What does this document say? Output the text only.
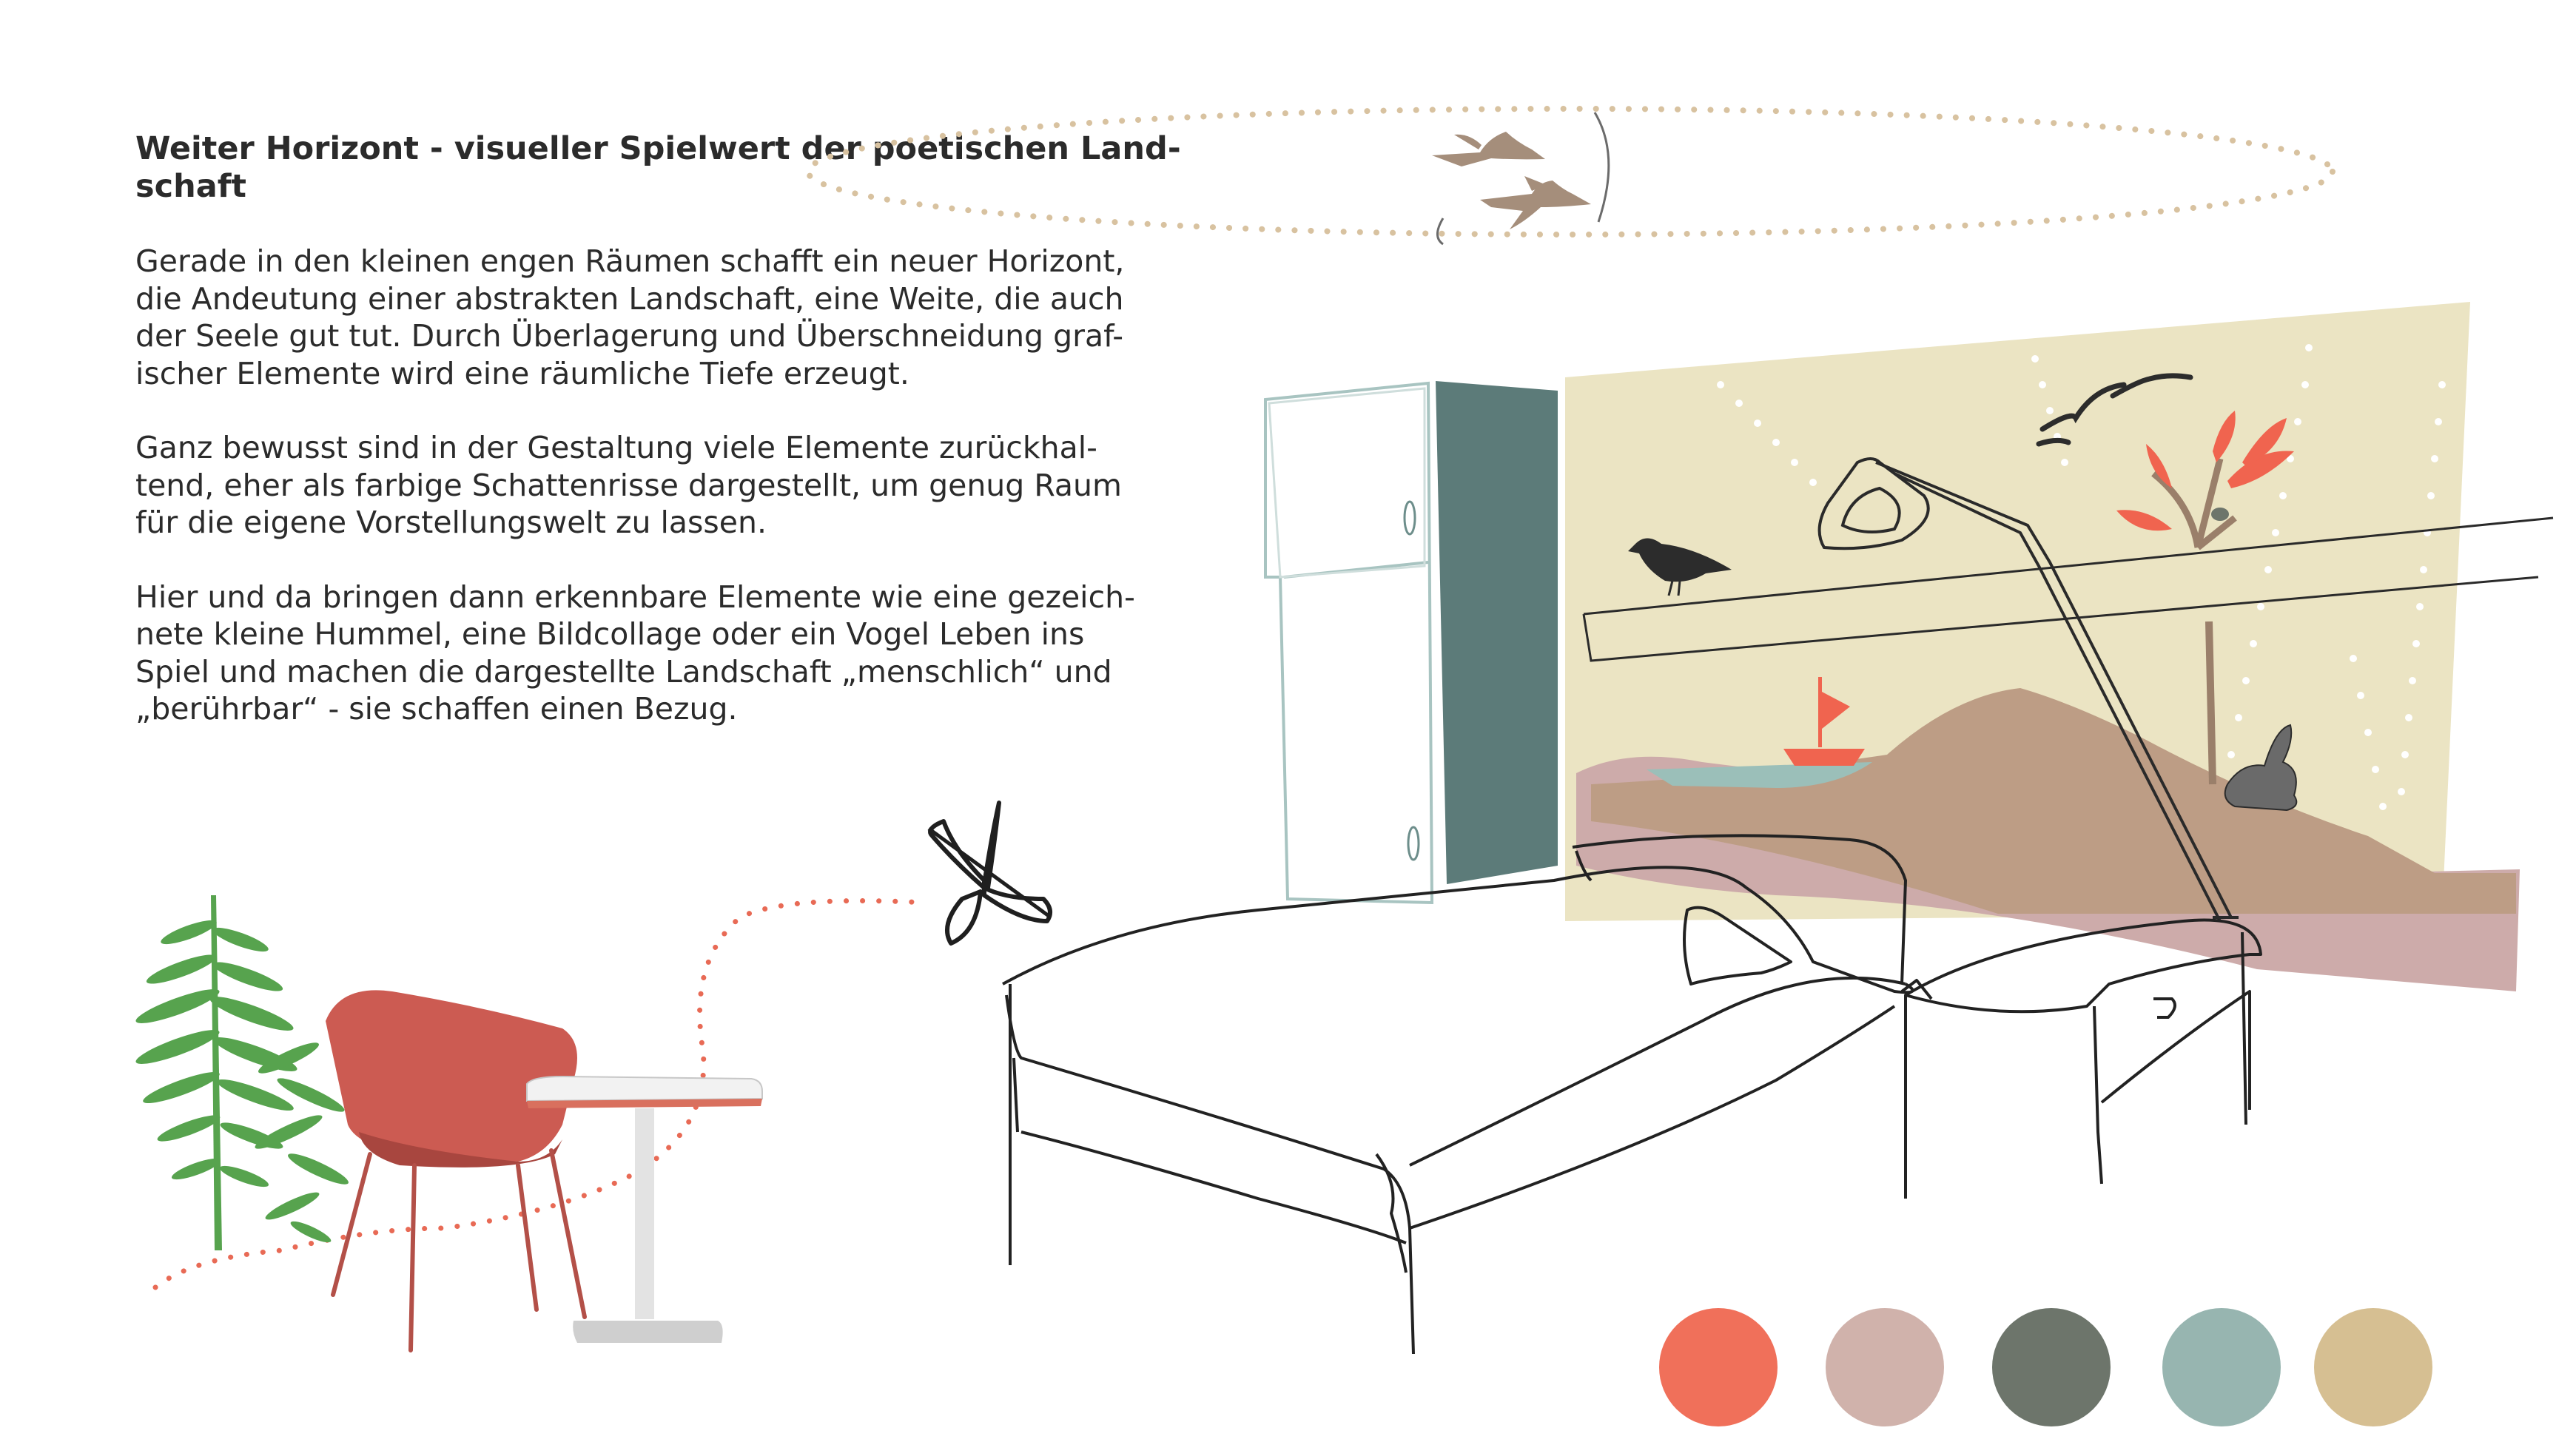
Weiter Horizont - visueller Spielwert der poetischen Land-
schaft

Gerade in den kleinen engen Räumen schafft ein neuer Horizont,
die Andeutung einer abstrakten Landschaft, eine Weite, die auch
der Seele gut tut. Durch Überlagerung und Überschneidung graf-
ischer Elemente wird eine räumliche Tiefe erzeugt.

Ganz bewusst sind in der Gestaltung viele Elemente zurückhal-
tend, eher als farbige Schattenrisse dargestellt, um genug Raum
für die eigene Vorstellungswelt zu lassen.

Hier und da bringen dann erkennbare Elemente wie eine gezeich-
nete kleine Hummel, eine Bildcollage oder ein Vogel Leben ins
Spiel und machen die dargestellte Landschaft „menschlich“ und
„berührbar“ - sie schaffen einen Bezug.
